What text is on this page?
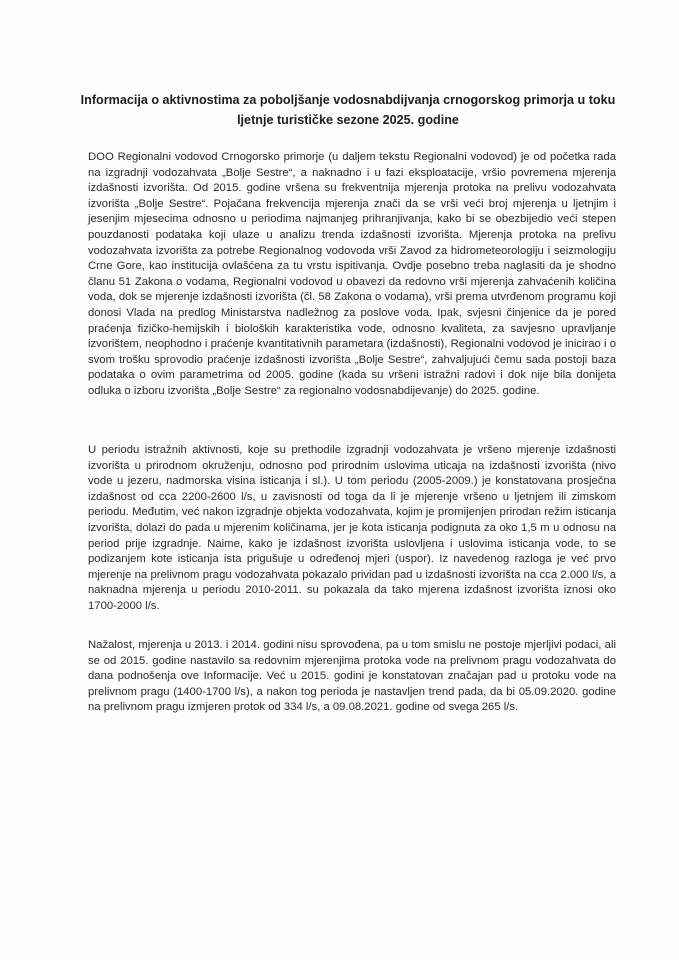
Informacija o aktivnostima za poboljšanje vodosnabdijvanja crnogorskog primorja u toku ljetnje turističke sezone 2025. godine

DOO Regionalni vodovod Crnogorsko primorje (u daljem tekstu Regionalni vodovod) je od početka rada na izgradnji vodozahvata „Bolje Sestre“, a naknadno i u fazi eksploatacije, vršio povremena mjerenja izdašnosti izvorišta. Od 2015. godine vršena su frekventnija mjerenja protoka na prelivu vodozahvata izvorišta „Bolje Sestre“. Pojačana frekvencija mjerenja znači da se vrši veći broj mjerenja u ljetnjim i jesenjim mjesecima odnosno u periodima najmanjeg prihranjivanja, kako bi se obezbijedio veći stepen pouzdanosti podataka koji ulaze u analizu trenda izdašnosti izvorišta. Mjerenja protoka na prelivu vodozahvata izvorišta za potrebe Regionalnog vodovoda vrši Zavod za hidrometeorologiju i seizmologiju Crne Gore, kao institucija ovlašćena za tu vrstu ispitivanja. Ovdje posebno treba naglasiti da je shodno članu 51 Zakona o vodama, Regionalni vodovod u obavezi da redovno vrši mjerenja zahvaćenih količina voda, dok se mjerenje izdašnosti izvorišta (čl. 58 Zakona o vodama), vrši prema utvrđenom programu koji donosi Vlada na predlog Ministarstva nadležnog za poslove voda. Ipak, svjesni činjenice da je pored praćenja fizičko-hemijskih i bioloških karakteristika vode, odnosno kvaliteta, za savjesno upravljanje izvorištem, neophodno i praćenje kvantitativnih parametara (izdašnosti), Regionalni vodovod je inicirao i o svom trošku sprovodio praćenje izdašnosti izvorišta „Bolje Sestre“, zahvaljujući čemu sada postoji baza podataka o ovim parametrima od 2005. godine (kada su vršeni istražni radovi i dok nije bila donijeta odluka o izboru izvorišta „Bolje Sestre“ za regionalno vodosnabdijevanje) do 2025. godine.

U periodu istražnih aktivnosti, koje su prethodile izgradnji vodozahvata je vršeno mjerenje izdašnosti izvorišta u prirodnom okruženju, odnosno pod prirodnim uslovima uticaja na izdašnosti izvorišta (nivo vode u jezeru, nadmorska visina isticanja i sl.). U tom periodu (2005-2009.) je konstatovana prosječna izdašnost od cca 2200-2600 l/s, u zavisnosti od toga da li je mjerenje vršeno u ljetnjem ili zimskom periodu. Međutim, već nakon izgradnje objekta vodozahvata, kojim je promijenjen prirodan režim isticanja izvorišta, dolazi do pada u mjerenim količinama, jer je kota isticanja podignuta za oko 1,5 m u odnosu na period prije izgradnje. Naime, kako je izdašnost izvorišta uslovljena i uslovima isticanja vode, to se podizanjem kote isticanja ista prigušuje u određenoj mjeri (uspor). Iz navedenog razloga je već prvo mjerenje na prelivnom pragu vodozahvata pokazalo prividan pad u izdašnosti izvorišta na cca 2.000 l/s, a naknadna mjerenja u periodu 2010-2011. su pokazala da tako mjerena izdašnost izvorišta iznosi oko 1700-2000 l/s.

Nažalost, mjerenja u 2013. i 2014. godini nisu sprovođena, pa u tom smislu ne postoje mjerljivi podaci, ali se od 2015. godine nastavilo sa redovnim mjerenjima protoka vode na prelivnom pragu vodozahvata do dana podnošenja ove Informacije. Već u 2015. godini je konstatovan značajan pad u protoku vode na prelivnom pragu (1400-1700 l/s), a nakon tog perioda je nastavljen trend pada, da bi 05.09.2020. godine na prelivnom pragu izmjeren protok od 334 l/s, a 09.08.2021. godine od svega 265 l/s.
